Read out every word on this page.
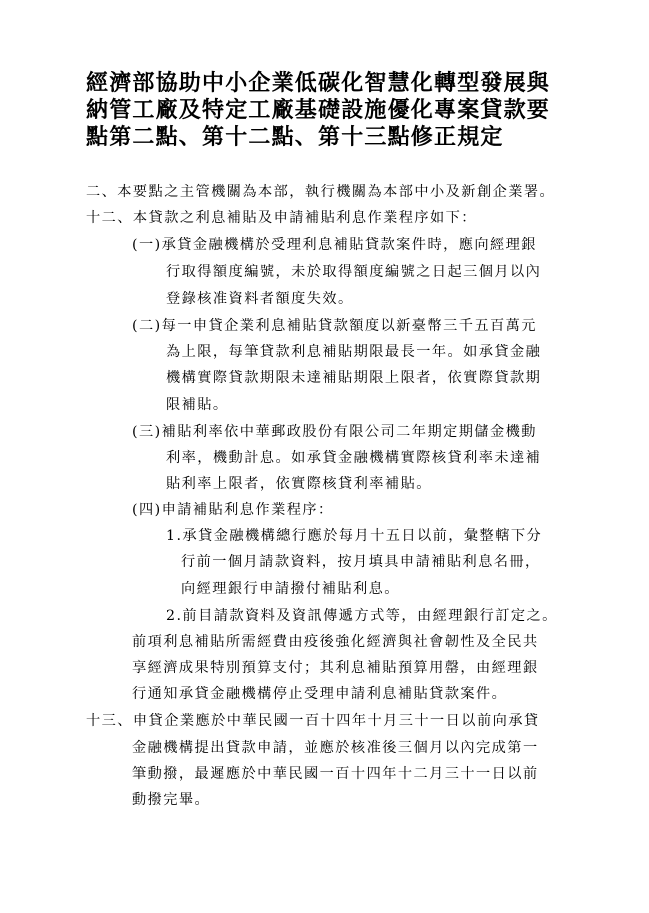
經濟部協助中小企業低碳化智慧化轉型發展與
納管工廠及特定工廠基礎設施優化專案貸款要
點第二點、第十二點、第十三點修正規定
二、本要點之主管機關為本部，執行機關為本部中小及新創企業署。
十二、本貸款之利息補貼及申請補貼利息作業程序如下：
(一)承貸金融機構於受理利息補貼貸款案件時，應向經理銀
行取得額度編號，未於取得額度編號之日起三個月以內
登錄核准資料者額度失效。
(二)每一申貸企業利息補貼貸款額度以新臺幣三千五百萬元
為上限，每筆貸款利息補貼期限最長一年。如承貸金融
機構實際貸款期限未達補貼期限上限者，依實際貸款期
限補貼。
(三)補貼利率依中華郵政股份有限公司二年期定期儲金機動
利率，機動計息。如承貸金融機構實際核貸利率未達補
貼利率上限者，依實際核貸利率補貼。
(四)申請補貼利息作業程序：
1.承貸金融機構總行應於每月十五日以前，彙整轄下分
行前一個月請款資料，按月填具申請補貼利息名冊，
向經理銀行申請撥付補貼利息。
2.前目請款資料及資訊傳遞方式等，由經理銀行訂定之。
前項利息補貼所需經費由疫後強化經濟與社會韌性及全民共
享經濟成果特別預算支付；其利息補貼預算用罄，由經理銀
行通知承貸金融機構停止受理申請利息補貼貸款案件。
十三、申貸企業應於中華民國一百十四年十月三十一日以前向承貸
金融機構提出貸款申請，並應於核准後三個月以內完成第一
筆動撥，最遲應於中華民國一百十四年十二月三十一日以前
動撥完畢。
